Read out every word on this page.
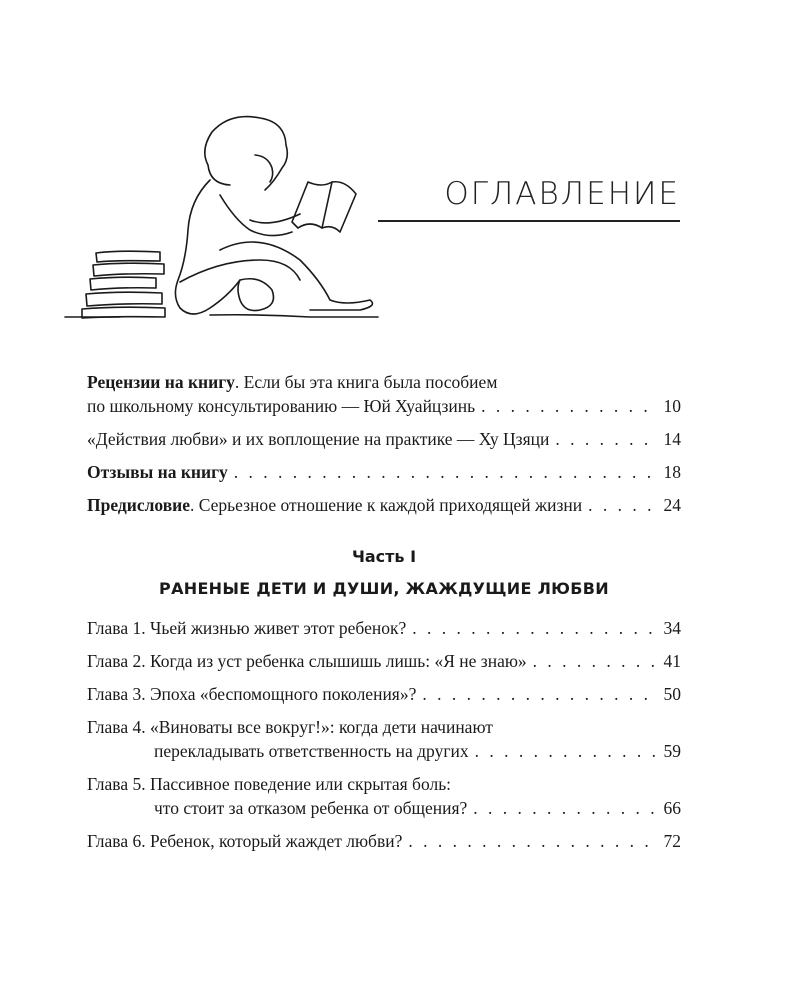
ОГЛАВЛЕНИЕ
Рецензии на книгу. Если бы эта книга была пособием
по школьному консультированию — Юй Хуайцзинь . . .	10
«Действия любви» и их воплощение на практике — Ху Цзяци . . .	14
Отзывы на книгу . . .	18
Предисловие. Серьезное отношение к каждой приходящей жизни . . .	24
Часть I
РАНЕНЫЕ ДЕТИ И ДУШИ, ЖАЖДУЩИЕ ЛЮБВИ
Глава 1. Чьей жизнью живет этот ребенок? . . .	34
Глава 2. Когда из уст ребенка слышишь лишь: «Я не знаю» . . .	41
Глава 3. Эпоха «беспомощного поколения»? . . .	50
Глава 4. «Виноваты все вокруг!»: когда дети начинают
перекладывать ответственность на других . . .	59
Глава 5. Пассивное поведение или скрытая боль:
что стоит за отказом ребенка от общения? . . .	66
Глава 6. Ребенок, который жаждет любви? . . .	72
